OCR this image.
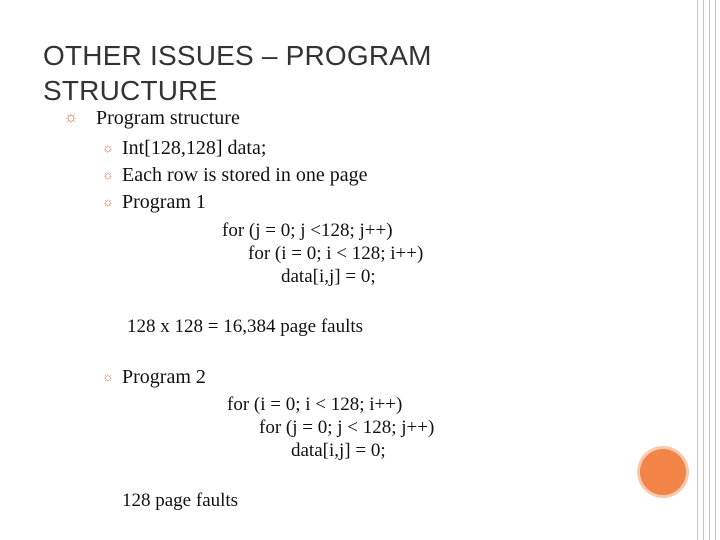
OTHER ISSUES – PROGRAM STRUCTURE
☼ Program structure
☼ Int[128,128] data;
☼ Each row is stored in one page
☼ Program 1
for (j = 0; j <128; j++)
for (i = 0; i < 128; i++)
data[i,j] = 0;
128 x 128 = 16,384 page faults
☼ Program 2
for (i = 0; i < 128; i++)
for (j = 0; j < 128; j++)
data[i,j] = 0;
128 page faults
